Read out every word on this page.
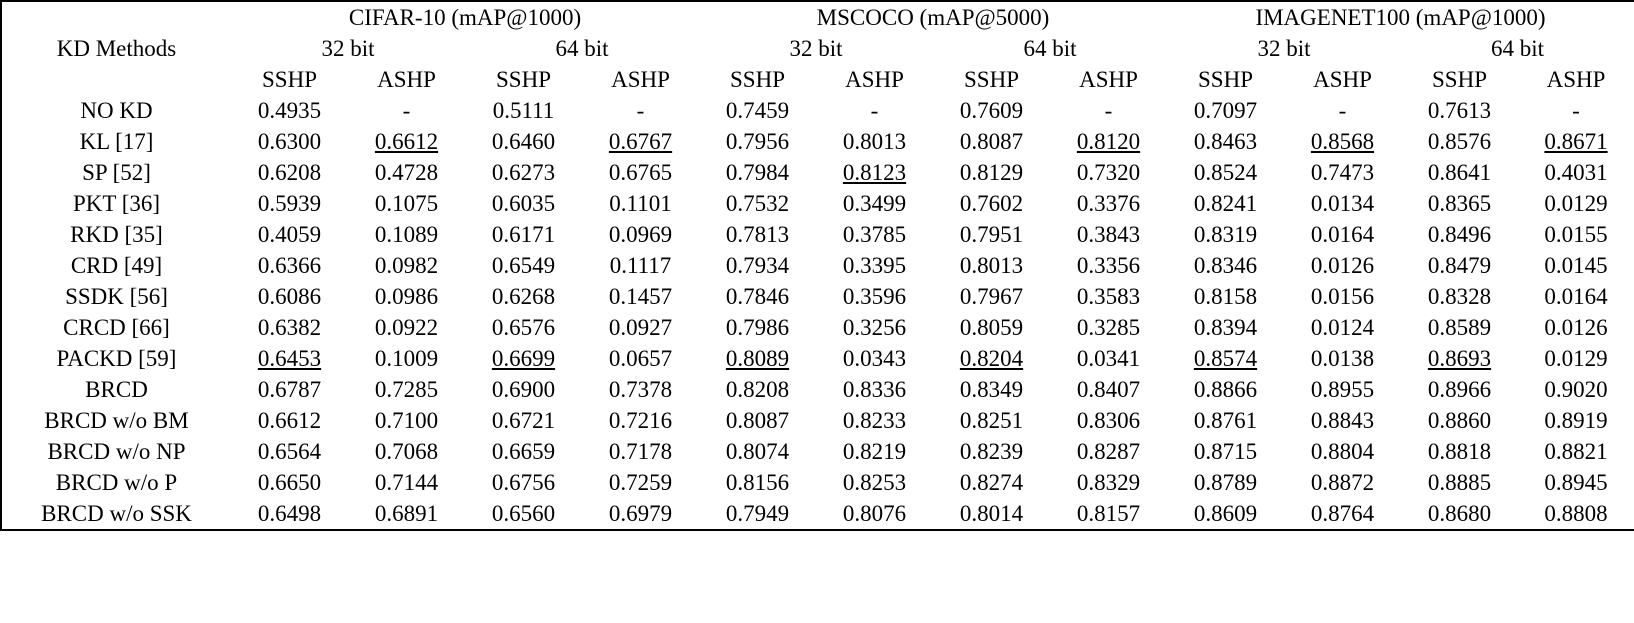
KD Methods	CIFAR-10 (mAP@1000)				MSCOCO (mAP@5000)				IMAGENET100 (mAP@1000)			
	32 bit		64 bit		32 bit		64 bit		32 bit		64 bit	
	SSHP	ASHP	SSHP	ASHP	SSHP	ASHP	SSHP	ASHP	SSHP	ASHP	SSHP	ASHP
NO KD	0.4935	-	0.5111	-	0.7459	-	0.7609	-	0.7097	-	0.7613	-
KL [17]	0.6300	0.6612	0.6460	0.6767	0.7956	0.8013	0.8087	0.8120	0.8463	0.8568	0.8576	0.8671
SP [52]	0.6208	0.4728	0.6273	0.6765	0.7984	0.8123	0.8129	0.7320	0.8524	0.7473	0.8641	0.4031
PKT [36]	0.5939	0.1075	0.6035	0.1101	0.7532	0.3499	0.7602	0.3376	0.8241	0.0134	0.8365	0.0129
RKD [35]	0.4059	0.1089	0.6171	0.0969	0.7813	0.3785	0.7951	0.3843	0.8319	0.0164	0.8496	0.0155
CRD [49]	0.6366	0.0982	0.6549	0.1117	0.7934	0.3395	0.8013	0.3356	0.8346	0.0126	0.8479	0.0145
SSDK [56]	0.6086	0.0986	0.6268	0.1457	0.7846	0.3596	0.7967	0.3583	0.8158	0.0156	0.8328	0.0164
CRCD [66]	0.6382	0.0922	0.6576	0.0927	0.7986	0.3256	0.8059	0.3285	0.8394	0.0124	0.8589	0.0126
PACKD [59]	0.6453	0.1009	0.6699	0.0657	0.8089	0.0343	0.8204	0.0341	0.8574	0.0138	0.8693	0.0129
BRCD	0.6787	0.7285	0.6900	0.7378	0.8208	0.8336	0.8349	0.8407	0.8866	0.8955	0.8966	0.9020
BRCD w/o BM	0.6612	0.7100	0.6721	0.7216	0.8087	0.8233	0.8251	0.8306	0.8761	0.8843	0.8860	0.8919
BRCD w/o NP	0.6564	0.7068	0.6659	0.7178	0.8074	0.8219	0.8239	0.8287	0.8715	0.8804	0.8818	0.8821
BRCD w/o P	0.6650	0.7144	0.6756	0.7259	0.8156	0.8253	0.8274	0.8329	0.8789	0.8872	0.8885	0.8945
BRCD w/o SSK	0.6498	0.6891	0.6560	0.6979	0.7949	0.8076	0.8014	0.8157	0.8609	0.8764	0.8680	0.8808
